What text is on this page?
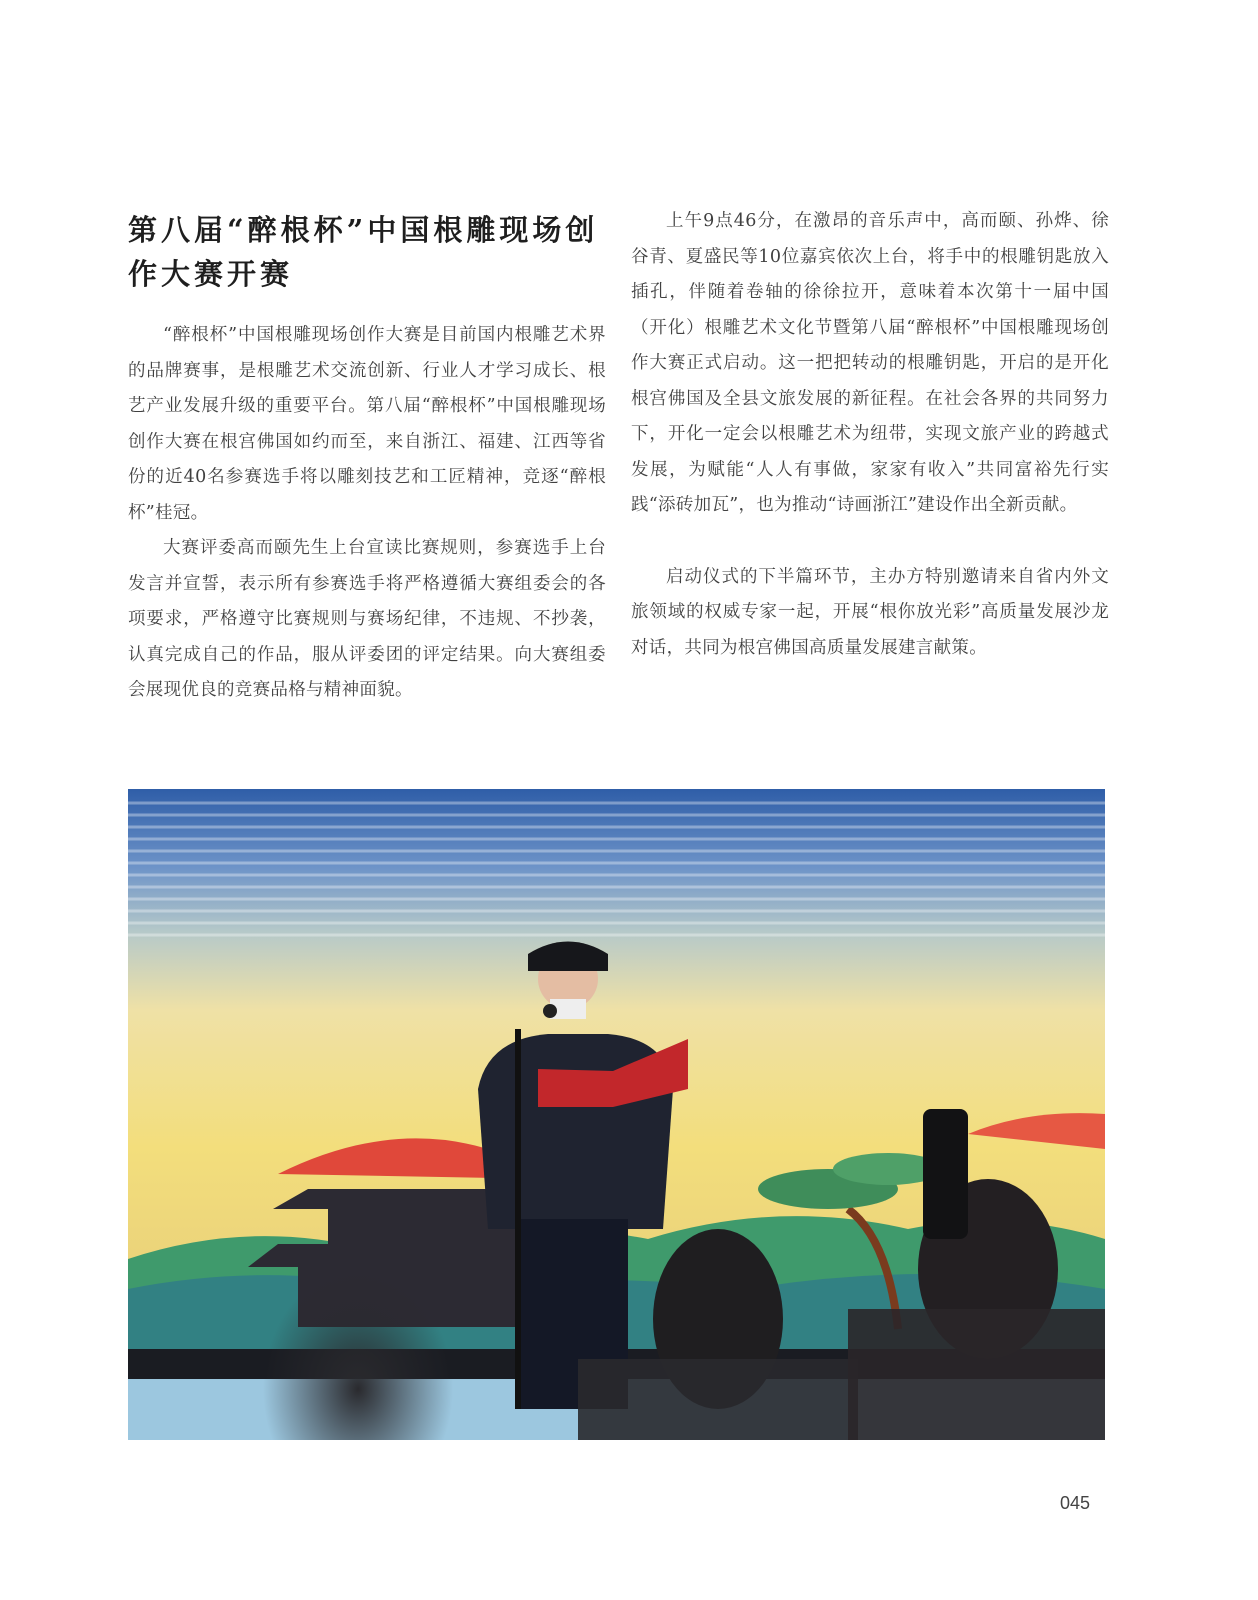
第八届“醉根杯”中国根雕现场创作大赛开赛

“醉根杯”中国根雕现场创作大赛是目前国内根雕艺术界的品牌赛事，是根雕艺术交流创新、行业人才学习成长、根艺产业发展升级的重要平台。第八届“醉根杯”中国根雕现场创作大赛在根宫佛国如约而至，来自浙江、福建、江西等省份的近40名参赛选手将以雕刻技艺和工匠精神，竞逐“醉根杯”桂冠。

大赛评委高而颐先生上台宣读比赛规则，参赛选手上台发言并宣誓，表示所有参赛选手将严格遵循大赛组委会的各项要求，严格遵守比赛规则与赛场纪律，不违规、不抄袭，认真完成自己的作品，服从评委团的评定结果。向大赛组委会展现优良的竞赛品格与精神面貌。

上午9点46分，在激昂的音乐声中，高而颐、孙烨、徐谷青、夏盛民等10位嘉宾依次上台，将手中的根雕钥匙放入插孔，伴随着卷轴的徐徐拉开，意味着本次第十一届中国（开化）根雕艺术文化节暨第八届“醉根杯”中国根雕现场创作大赛正式启动。这一把把转动的根雕钥匙，开启的是开化根宫佛国及全县文旅发展的新征程。在社会各界的共同努力下，开化一定会以根雕艺术为纽带，实现文旅产业的跨越式发展，为赋能“人人有事做，家家有收入”共同富裕先行实践“添砖加瓦”，也为推动“诗画浙江”建设作出全新贡献。

启动仪式的下半篇环节，主办方特别邀请来自省内外文旅领域的权威专家一起，开展“根你放光彩”高质量发展沙龙对话，共同为根宫佛国高质量发展建言献策。

045
